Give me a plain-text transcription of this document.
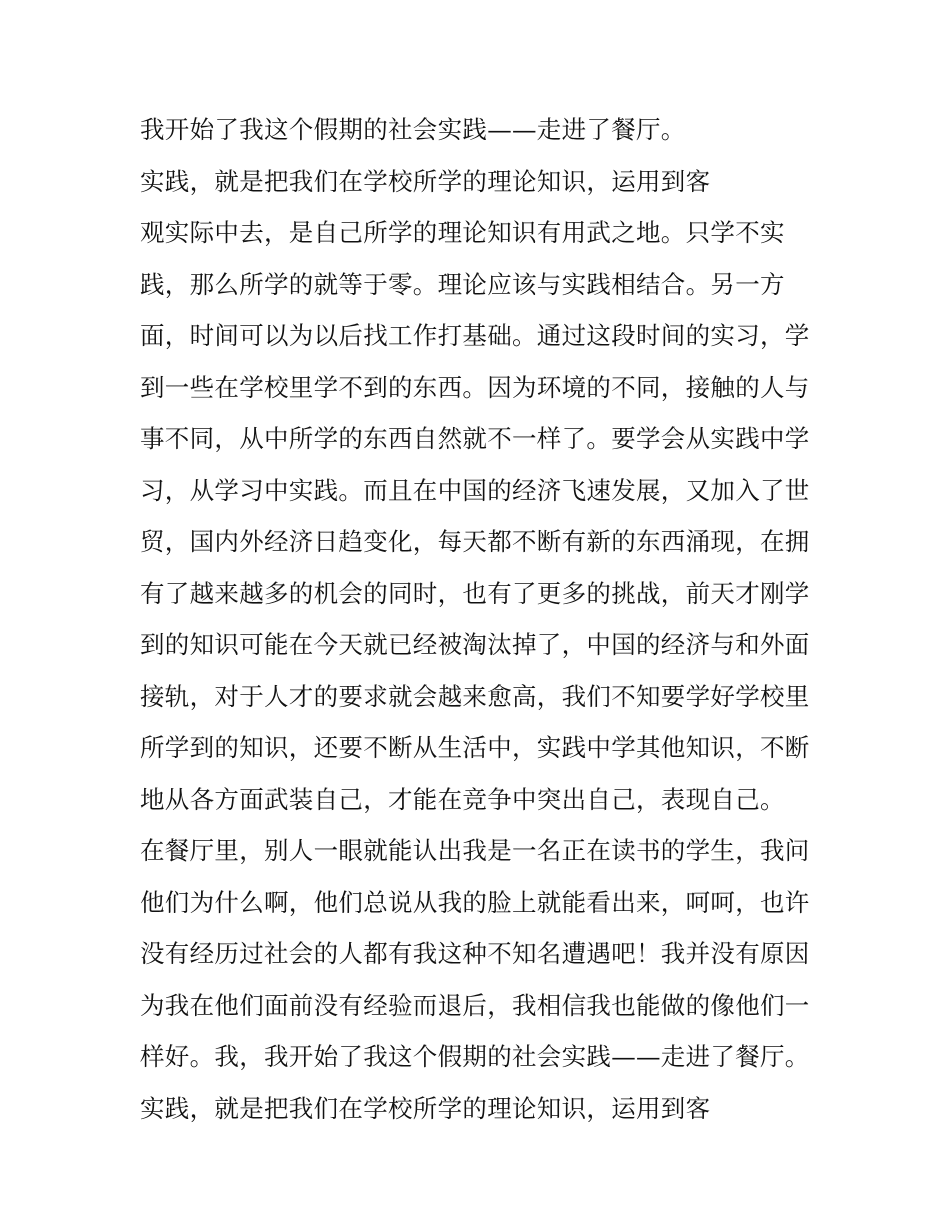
我开始了我这个假期的社会实践——走进了餐厅。
实践，就是把我们在学校所学的理论知识，运用到客
观实际中去，是自己所学的理论知识有用武之地。只学不实
践，那么所学的就等于零。理论应该与实践相结合。另一方
面，时间可以为以后找工作打基础。通过这段时间的实习，学
到一些在学校里学不到的东西。因为环境的不同，接触的人与
事不同，从中所学的东西自然就不一样了。要学会从实践中学
习，从学习中实践。而且在中国的经济飞速发展，又加入了世
贸，国内外经济日趋变化，每天都不断有新的东西涌现，在拥
有了越来越多的机会的同时，也有了更多的挑战，前天才刚学
到的知识可能在今天就已经被淘汰掉了，中国的经济与和外面
接轨，对于人才的要求就会越来愈高，我们不知要学好学校里
所学到的知识，还要不断从生活中，实践中学其他知识，不断
地从各方面武装自己，才能在竞争中突出自己，表现自己。
在餐厅里，别人一眼就能认出我是一名正在读书的学生，我问
他们为什么啊，他们总说从我的脸上就能看出来，呵呵，也许
没有经历过社会的人都有我这种不知名遭遇吧！我并没有原因
为我在他们面前没有经验而退后，我相信我也能做的像他们一
样好。我，我开始了我这个假期的社会实践——走进了餐厅。
实践，就是把我们在学校所学的理论知识，运用到客
